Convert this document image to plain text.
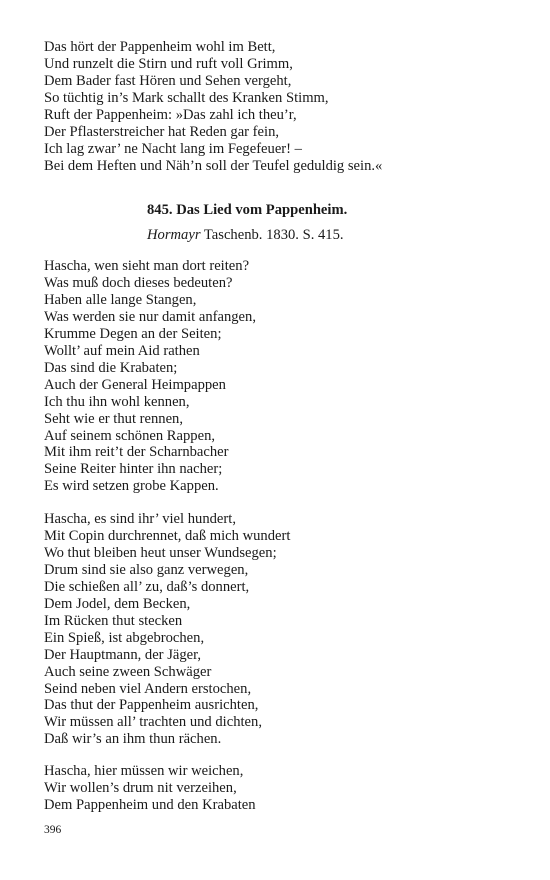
Das hört der Pappenheim wohl im Bett,
Und runzelt die Stirn und ruft voll Grimm,
Dem Bader fast Hören und Sehen vergeht,
So tüchtig in’s Mark schallt des Kranken Stimm,
Ruft der Pappenheim: »Das zahl ich theu’r,
Der Pflasterstreicher hat Reden gar fein,
Ich lag zwar’ ne Nacht lang im Fegefeuer! –
Bei dem Heften und Näh’n soll der Teufel geduldig sein.«
845. Das Lied vom Pappenheim.

Hormayr Taschenb. 1830. S. 415.

Hascha, wen sieht man dort reiten?
Was muß doch dieses bedeuten?
Haben alle lange Stangen,
Was werden sie nur damit anfangen,
Krumme Degen an der Seiten;
Wollt’ auf mein Aid rathen
Das sind die Krabaten;
Auch der General Heimpappen
Ich thu ihn wohl kennen,
Seht wie er thut rennen,
Auf seinem schönen Rappen,
Mit ihm reit’t der Scharnbacher
Seine Reiter hinter ihn nacher;
Es wird setzen grobe Kappen.
Hascha, es sind ihr’ viel hundert,
Mit Copin durchrennet, daß mich wundert
Wo thut bleiben heut unser Wundsegen;
Drum sind sie also ganz verwegen,
Die schießen all’ zu, daß’s donnert,
Dem Jodel, dem Becken,
Im Rücken thut stecken
Ein Spieß, ist abgebrochen,
Der Hauptmann, der Jäger,
Auch seine zween Schwäger
Seind neben viel Andern erstochen,
Das thut der Pappenheim ausrichten,
Wir müssen all’ trachten und dichten,
Daß wir’s an ihm thun rächen.
Hascha, hier müssen wir weichen,
Wir wollen’s drum nit verzeihen,
Dem Pappenheim und den Krabaten
396
